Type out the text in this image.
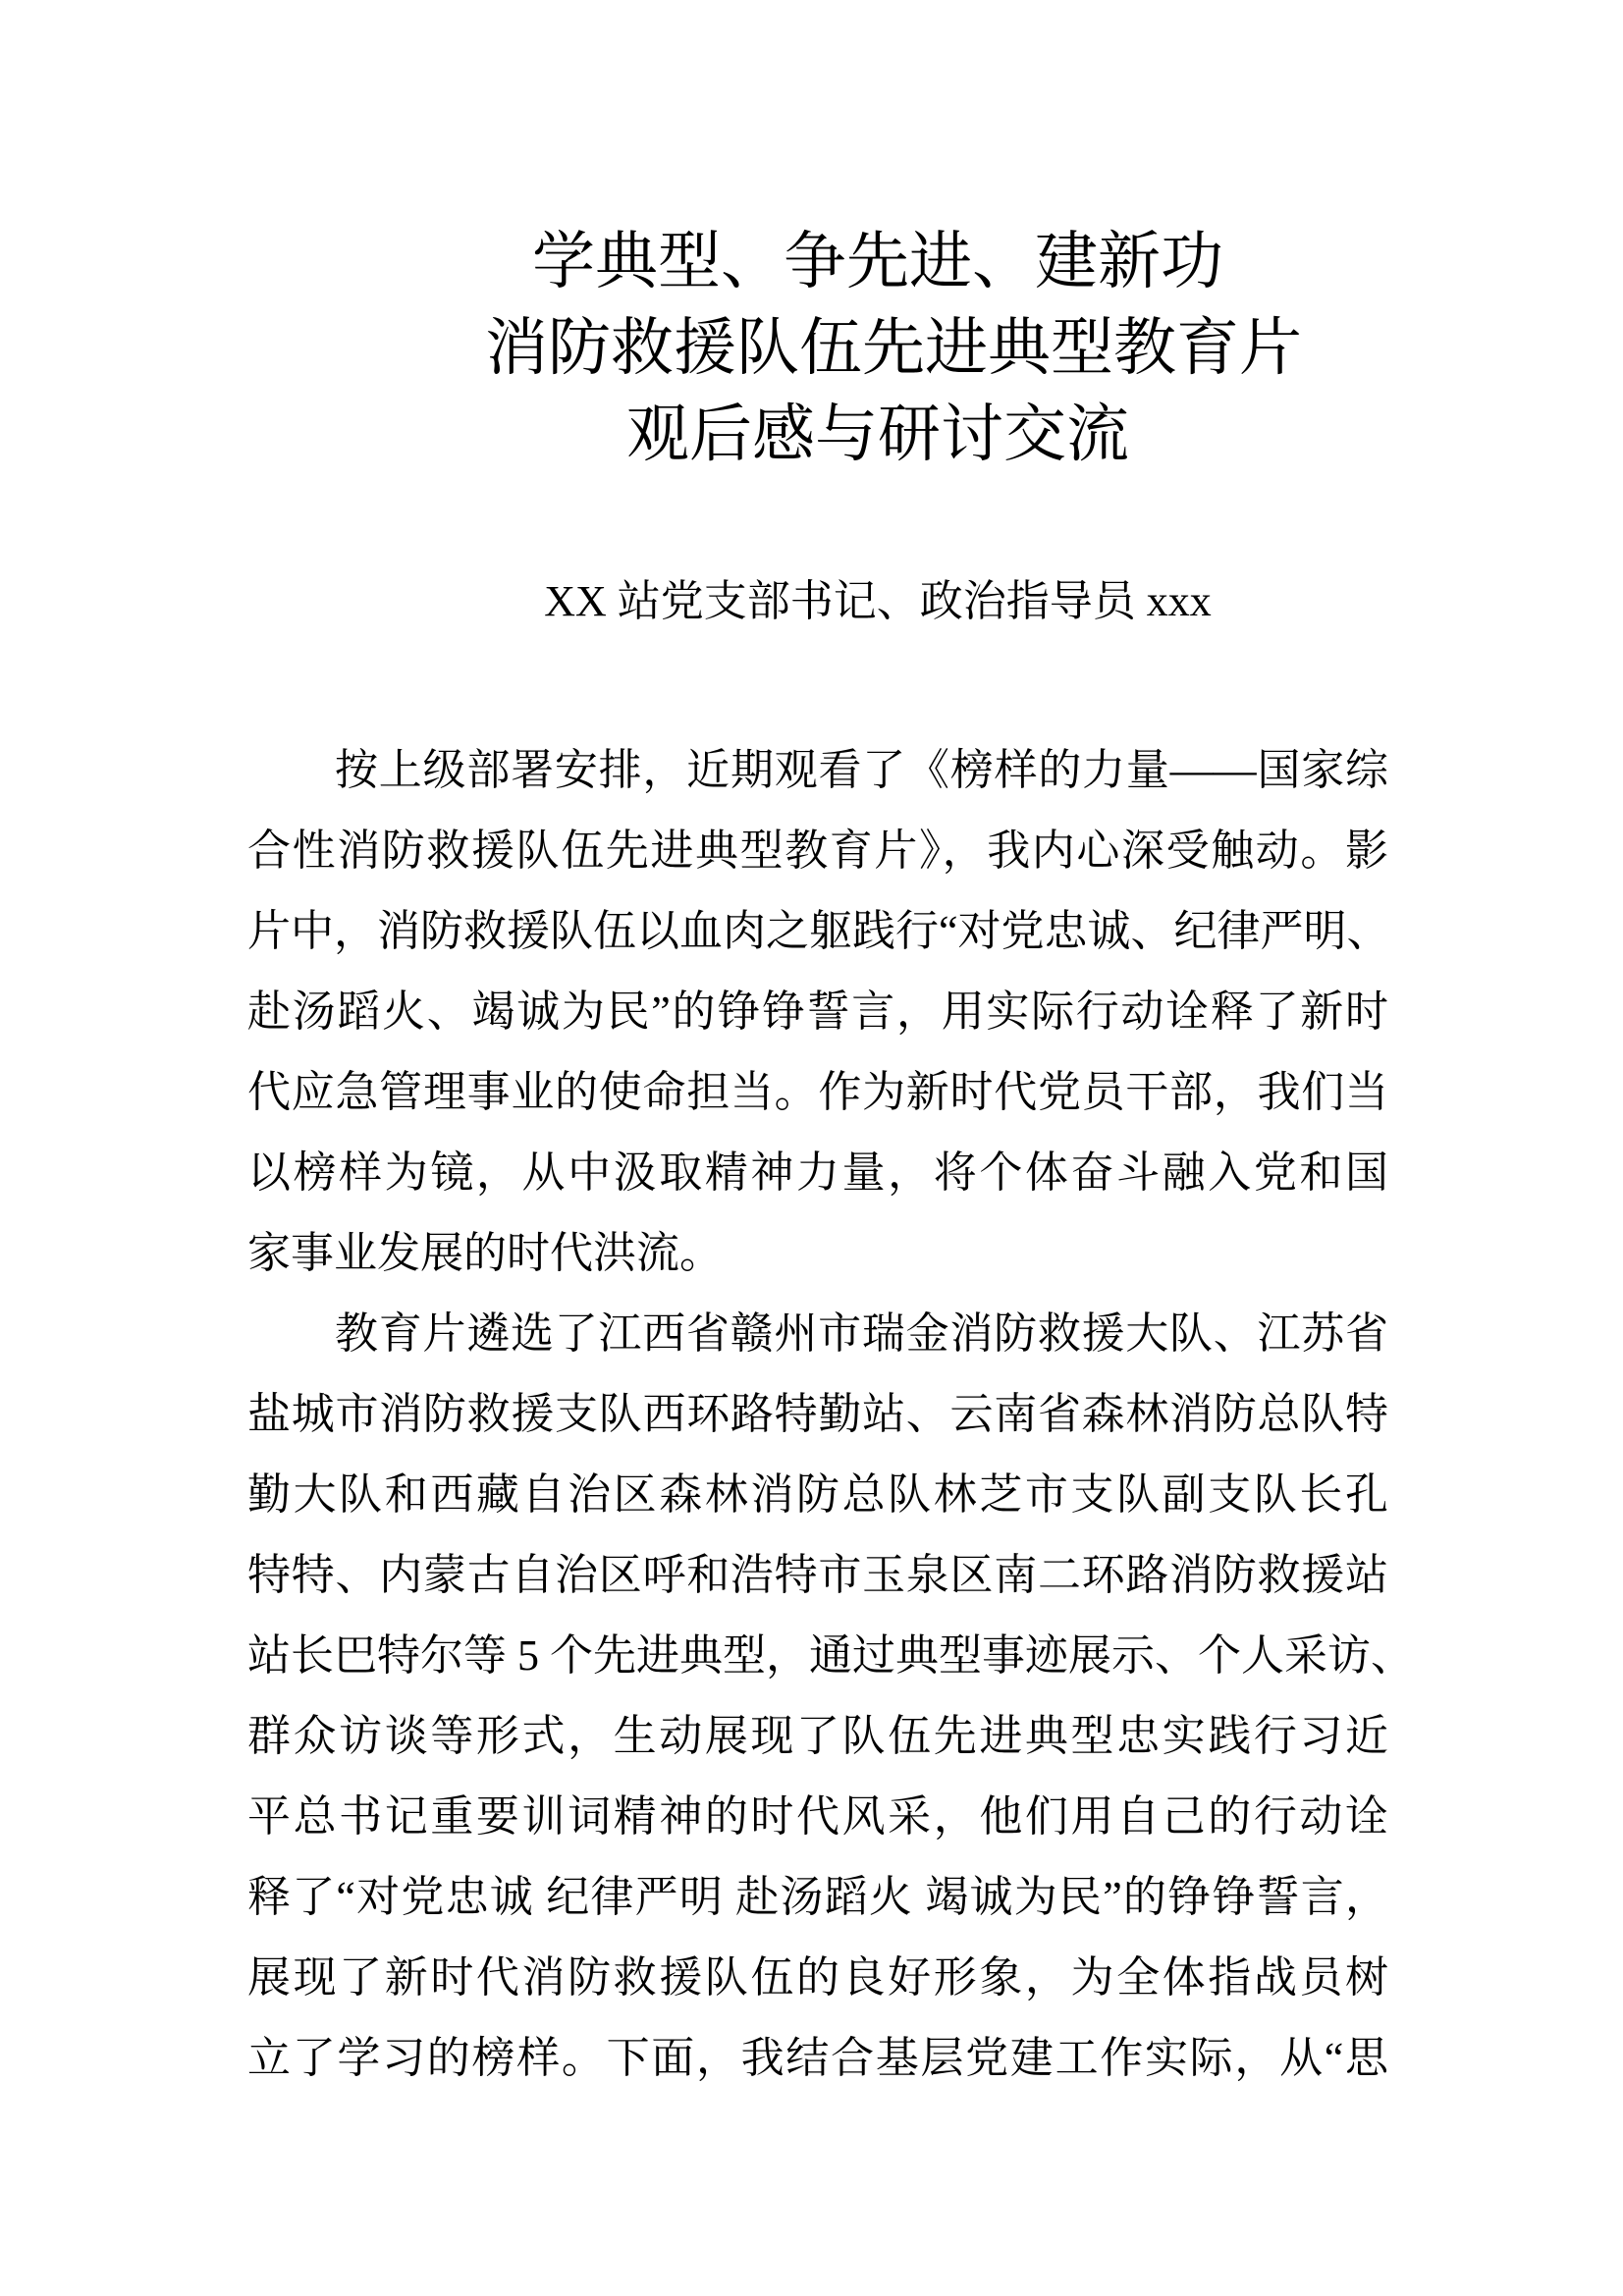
学典型、争先进、建新功
消防救援队伍先进典型教育片
观后感与研讨交流
XX 站党支部书记、政治指导员 xxx
按上级部署安排，近期观看了《榜样的力量——国家综
合性消防救援队伍先进典型教育片》，我内心深受触动。影
片中，消防救援队伍以血肉之躯践行“对党忠诚、纪律严明、
赴汤蹈火、竭诚为民”的铮铮誓言，用实际行动诠释了新时
代应急管理事业的使命担当。作为新时代党员干部，我们当
以榜样为镜，从中汲取精神力量，将个体奋斗融入党和国
家事业发展的时代洪流。
教育片遴选了江西省赣州市瑞金消防救援大队、江苏省
盐城市消防救援支队西环路特勤站、云南省森林消防总队特
勤大队和西藏自治区森林消防总队林芝市支队副支队长孔
特特、内蒙古自治区呼和浩特市玉泉区南二环路消防救援站
站长巴特尔等 5 个先进典型，通过典型事迹展示、个人采访、
群众访谈等形式，生动展现了队伍先进典型忠实践行习近
平总书记重要训词精神的时代风采，他们用自己的行动诠
释了“对党忠诚 纪律严明 赴汤蹈火 竭诚为民”的铮铮誓言，
展现了新时代消防救援队伍的良好形象，为全体指战员树
立了学习的榜样。下面，我结合基层党建工作实际，从“思
